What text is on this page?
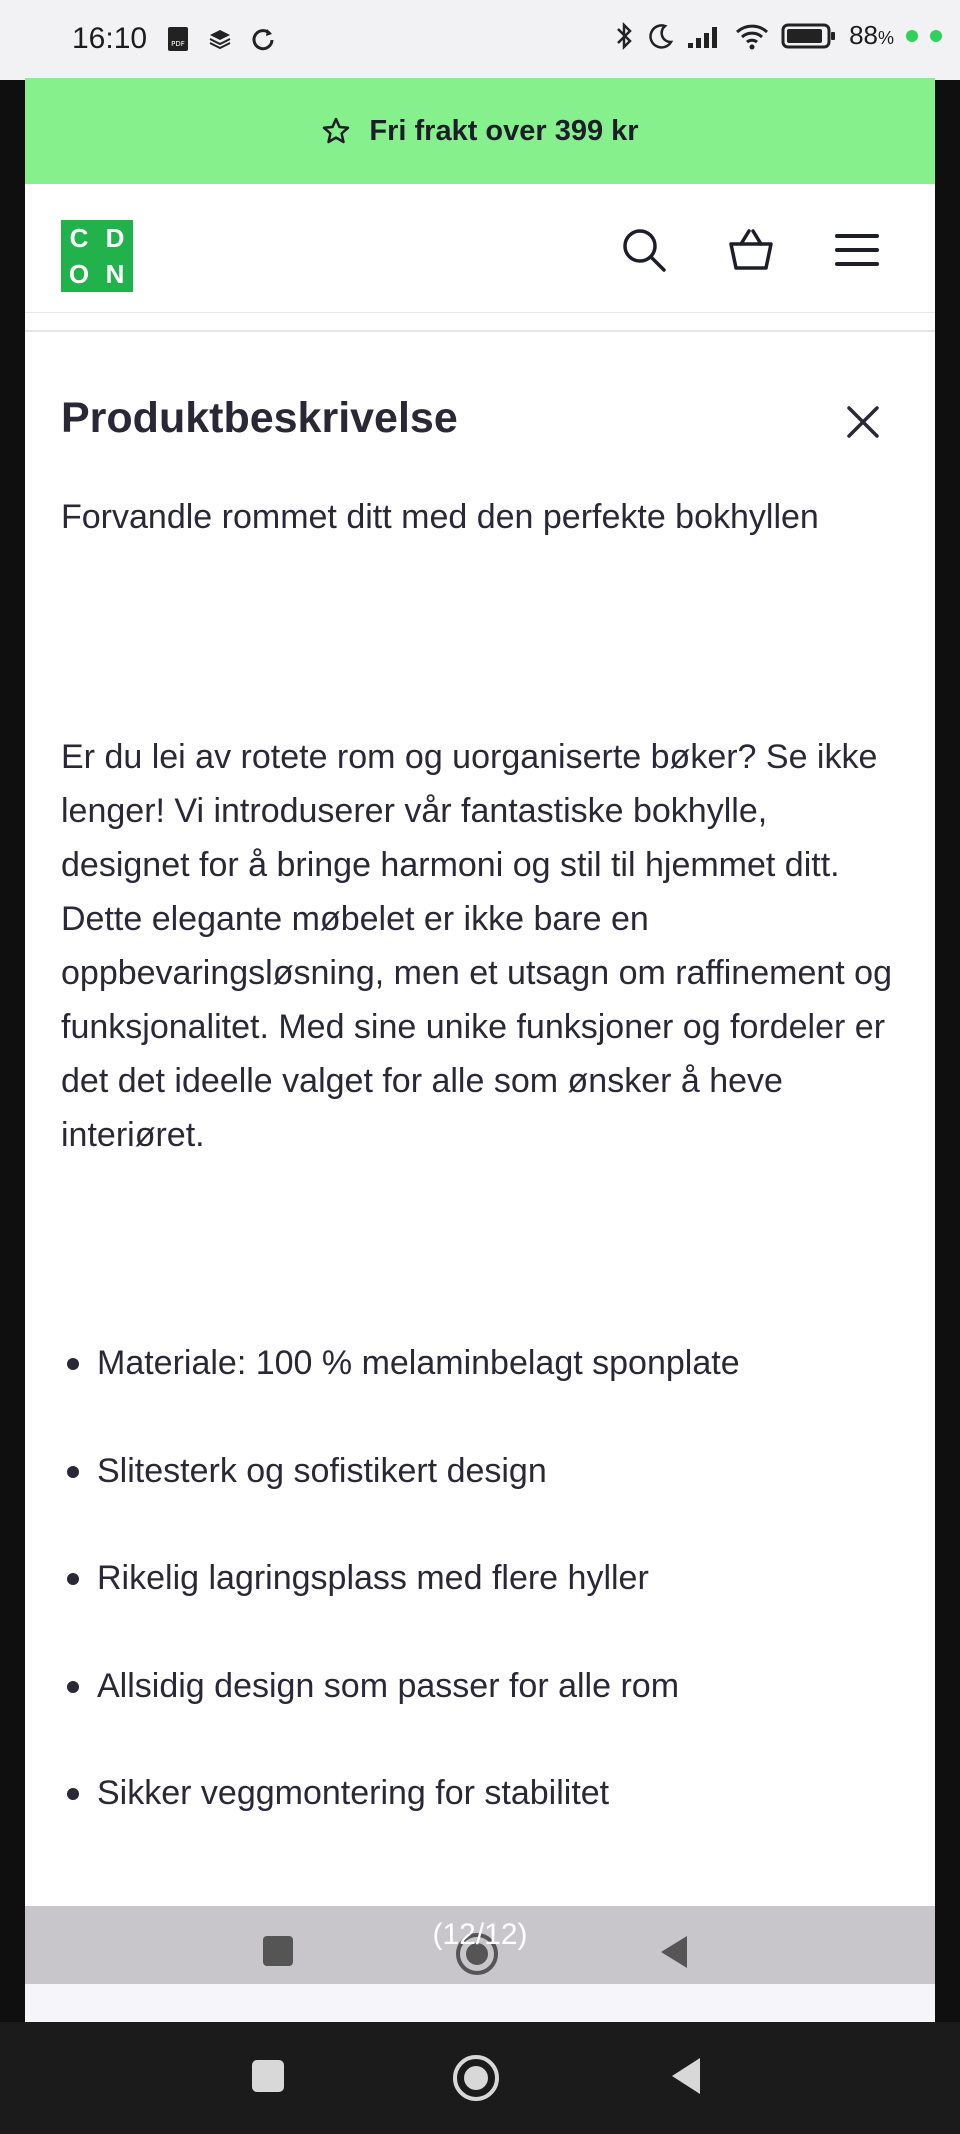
16:10	PDF	88%
Fri frakt over 399 kr
C D
O N
Produktbeskrivelse

Forvandle rommet ditt med den perfekte bokhyllen

Er du lei av rotete rom og uorganiserte bøker? Se ikke lenger! Vi introduserer vår fantastiske bokhylle, designet for å bringe harmoni og stil til hjemmet ditt. Dette elegante møbelet er ikke bare en oppbevaringsløsning, men et utsagn om raffinement og funksjonalitet. Med sine unike funksjoner og fordeler er det det ideelle valget for alle som ønsker å heve interiøret.

Materiale: 100 % melaminbelagt sponplate
Slitesterk og sofistikert design
Rikelig lagringsplass med flere hyller
Allsidig design som passer for alle rom
Sikker veggmontering for stabilitet
(12/12)
